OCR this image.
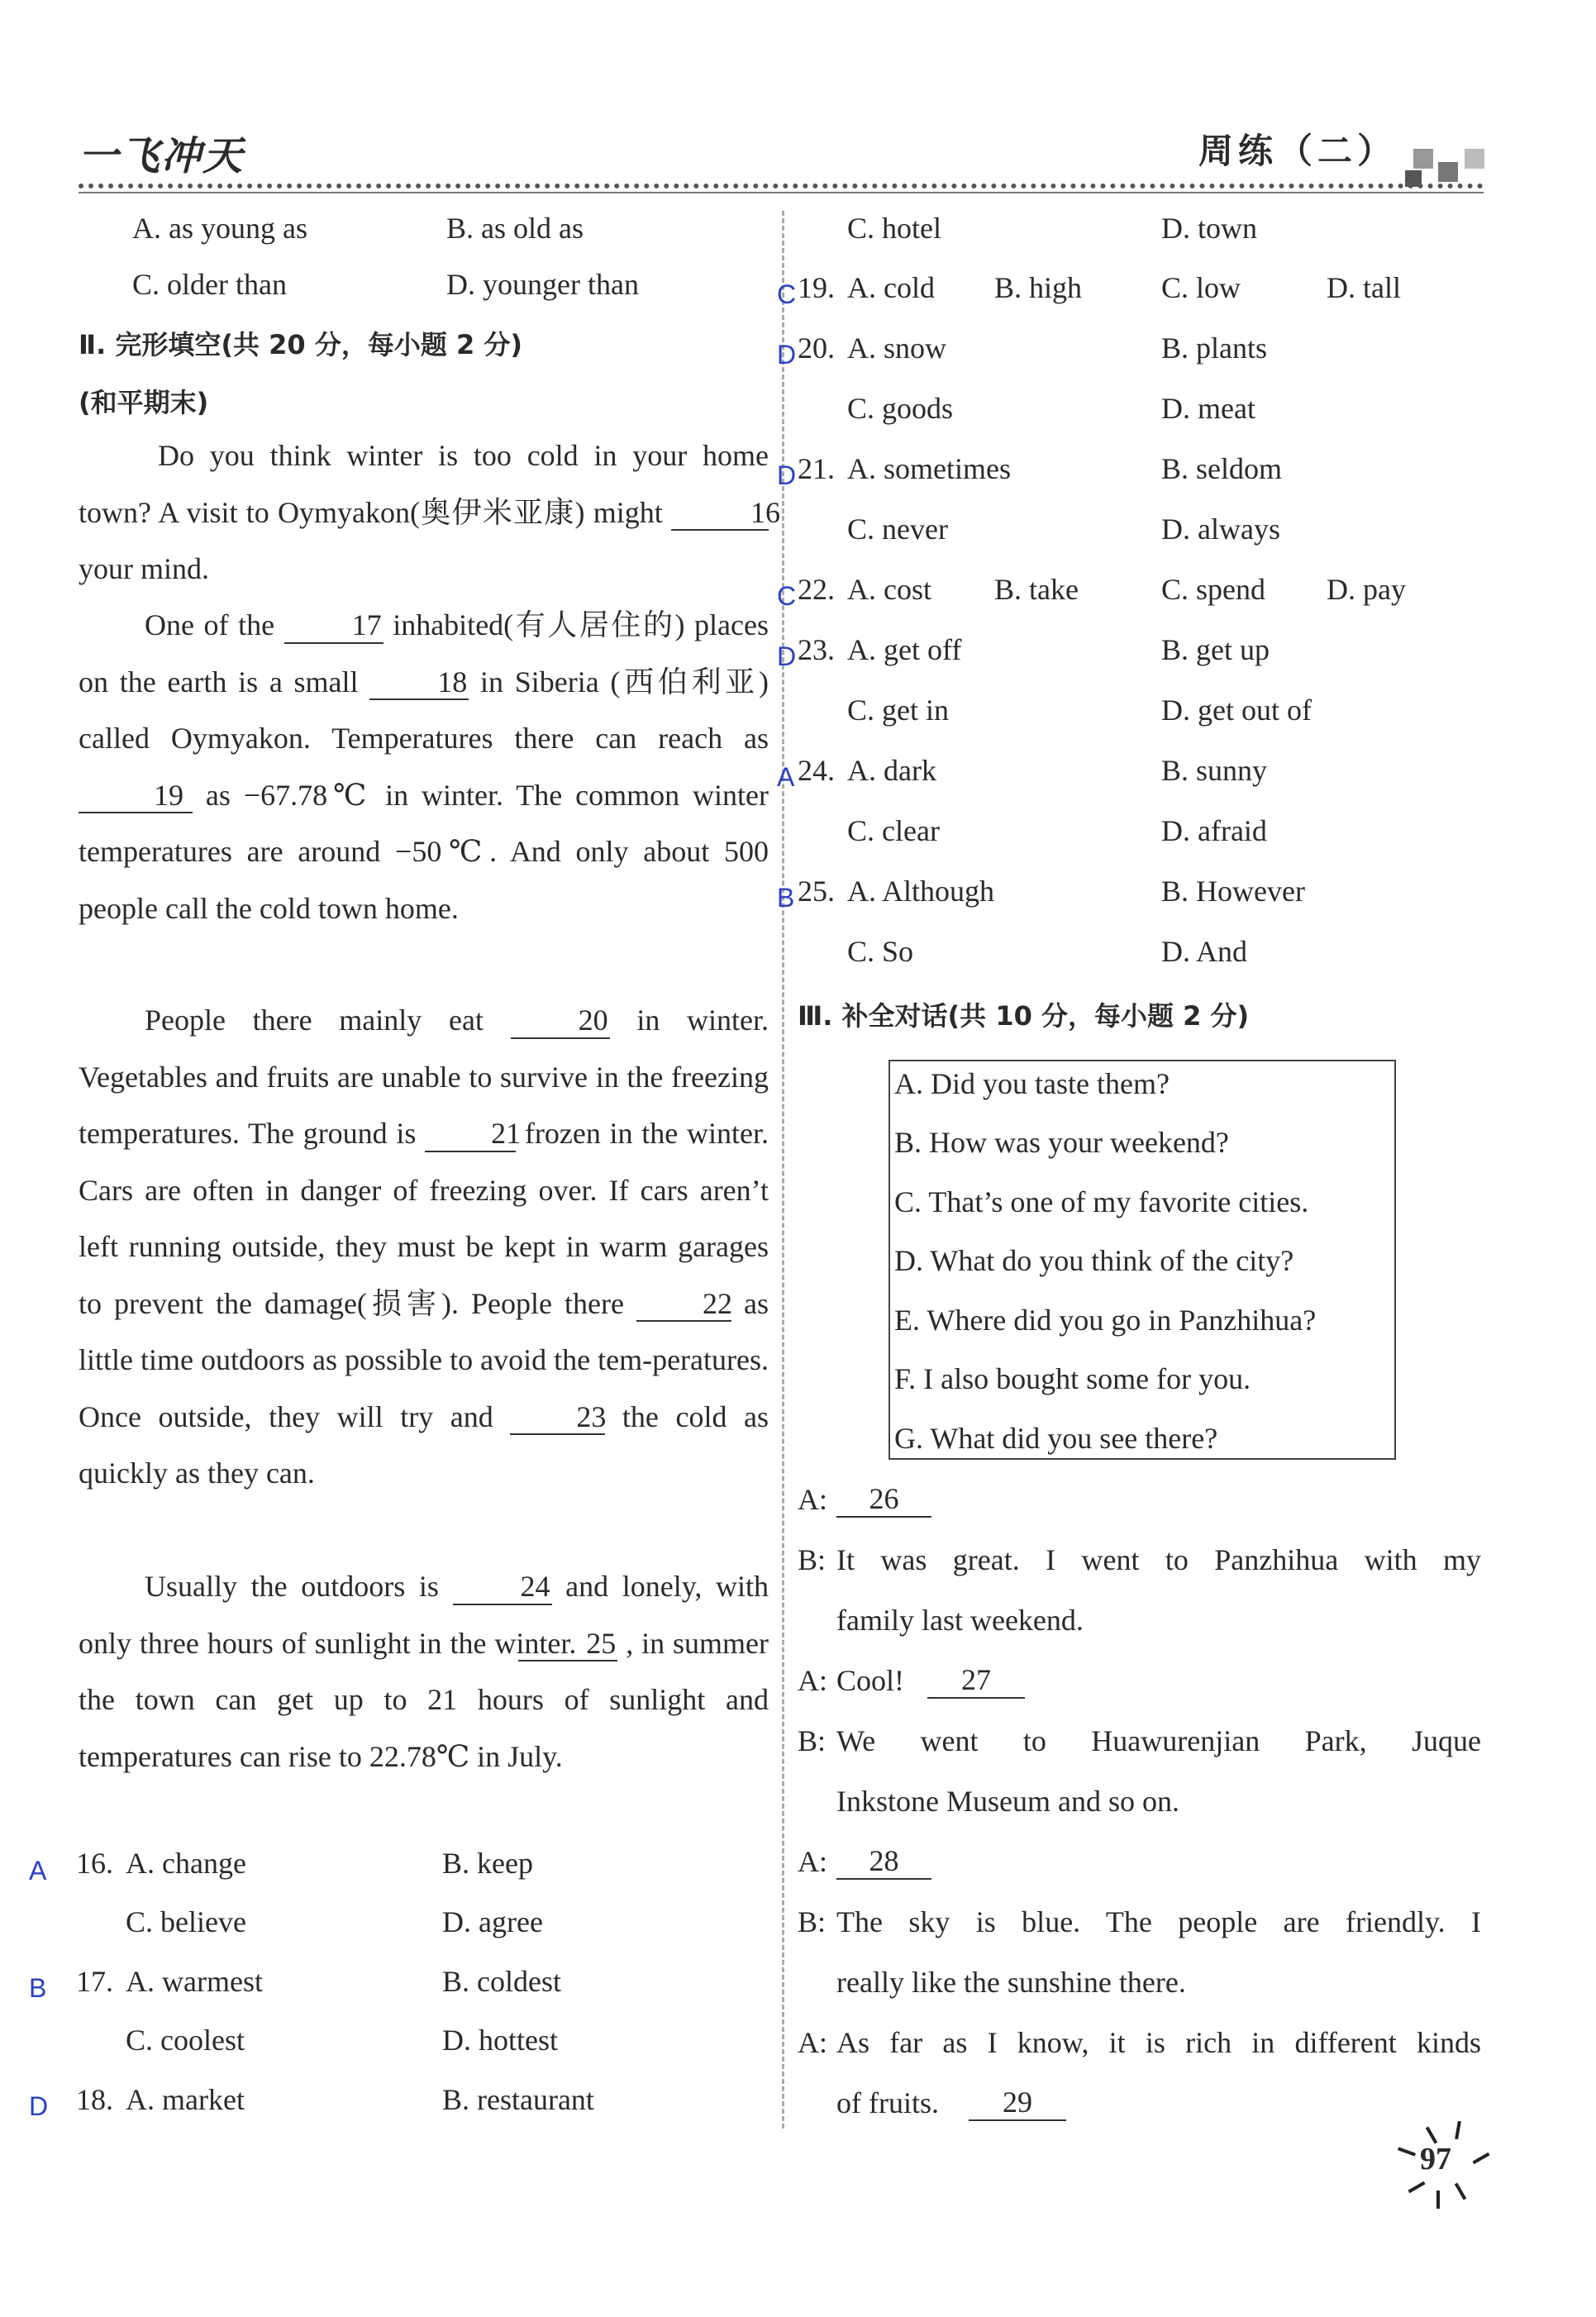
一飞冲天	周练（二）
A. as young as	B. as old as
C. older than	D. younger than
Ⅱ. 完形填空(共 20 分，每小题 2 分)
(和平期末)
Do you think winter is too cold in your home town? A visit to Oymyakon(奥伊米亚康) might	16 your mind.
One of the	17 inhabited(有人居住的) places on the earth is a small	18 in Siberia (西伯利亚) called Oymyakon. Temperatures there can reach as 19 as −67.78℃ in winter. The common winter temperatures are around −50℃. And only about 500 people call the cold town home.
People there mainly eat	20 in winter. Vegetables and fruits are unable to survive in the freezing temperatures. The ground is	21 frozen in the winter. Cars are often in danger of freezing over. If cars aren’t left running outside, they must be kept in warm garages to prevent the damage(损害). People there	22 as little time outdoors as possible to avoid the tem-peratures. Once outside, they will try and	23 the cold as quickly as they can.
Usually the outdoors is	24 and lonely, with only three hours of sunlight in the winter. 25 , in summer the town can get up to 21 hours of sunlight and temperatures can rise to 22.78℃ in July.
A
B
D
16. A. change	B. keep
C. believe	D. agree
17. A. warmest	B. coldest
C. coolest	D. hottest
18. A. market	B. restaurant
C. hotel	D. town
C
D
D
C
D
A
B
19. A. cold B. high	C. low	D. tall
20. A. snow	B. plants
C. goods	D. meat
21. A. sometimes	B. seldom
C. never	D. always
22. A. cost B. take	C. spend D. pay
23. A. get off	B. get up
C. get in	D. get out of
24. A. dark	B. sunny
C. clear	D. afraid
25. A. Although	B. However
C. So	D. And
Ⅲ. 补全对话(共 10 分，每小题 2 分)
A. Did you taste them?
B. How was your weekend?
C. That’s one of my favorite cities.
D. What do you think of the city?
E. Where did you go in Panzhihua?
F. I also bought some for you.
G. What did you see there?
A:	26
B: It was great. I went to Panzhihua with my
family last weekend.
A: Cool!	27
B: We went to Huawurenjian Park, Juque
Inkstone Museum and so on.
A:	28
B: The sky is blue. The people are friendly. I
really like the sunshine there.
A: As far as I know, it is rich in different kinds
of fruits.	29
97
